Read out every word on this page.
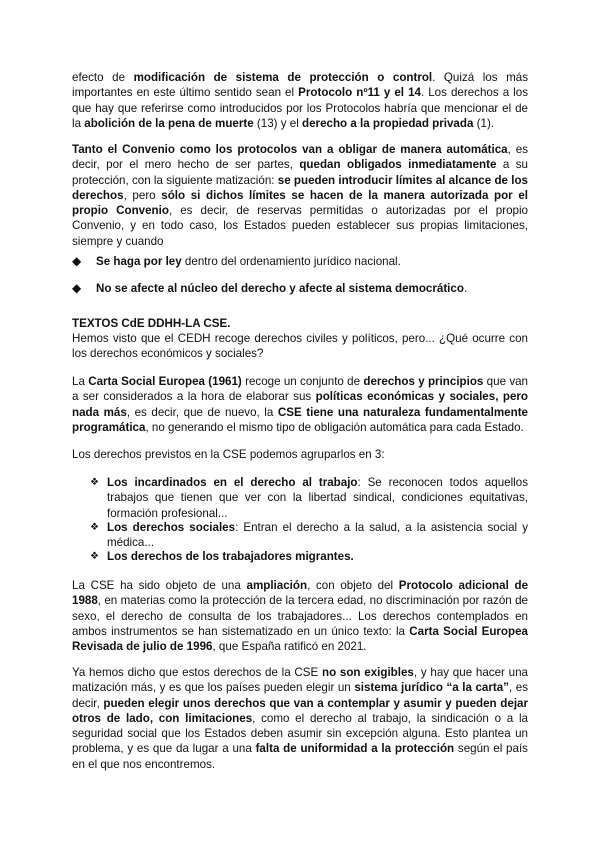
efecto de modificación de sistema de protección o control. Quizá los más importantes en este último sentido sean el Protocolo nº11 y el 14. Los derechos a los que hay que referirse como introducidos por los Protocolos habría que mencionar el de la abolición de la pena de muerte (13) y el derecho a la propiedad privada (1).

Tanto el Convenio como los protocolos van a obligar de manera automática, es decir, por el mero hecho de ser partes, quedan obligados inmediatamente a su protección, con la siguiente matización: se pueden introducir límites al alcance de los derechos, pero sólo si dichos límites se hacen de la manera autorizada por el propio Convenio, es decir, de reservas permitidas o autorizadas por el propio Convenio, y en todo caso, los Estados pueden establecer sus propias limitaciones, siempre y cuando

◆ Se haga por ley dentro del ordenamiento jurídico nacional.
◆ No se afecte al núcleo del derecho y afecte al sistema democrático.

TEXTOS CdE DDHH-LA CSE.

Hemos visto que el CEDH recoge derechos civiles y políticos, pero... ¿Qué ocurre con los derechos económicos y sociales?

La Carta Social Europea (1961) recoge un conjunto de derechos y principios que van a ser considerados a la hora de elaborar sus políticas económicas y sociales, pero nada más, es decir, que de nuevo, la CSE tiene una naturaleza fundamentalmente programática, no generando el mismo tipo de obligación automática para cada Estado.

Los derechos previstos en la CSE podemos agruparlos en 3:

❖ Los incardinados en el derecho al trabajo: Se reconocen todos aquellos trabajos que tienen que ver con la libertad sindical, condiciones equitativas, formación profesional...
❖ Los derechos sociales: Entran el derecho a la salud, a la asistencia social y médica...
❖ Los derechos de los trabajadores migrantes.

La CSE ha sido objeto de una ampliación, con objeto del Protocolo adicional de 1988, en materias como la protección de la tercera edad, no discriminación por razón de sexo, el derecho de consulta de los trabajadores... Los derechos contemplados en ambos instrumentos se han sistematizado en un único texto: la Carta Social Europea Revisada de julio de 1996, que España ratificó en 2021.

Ya hemos dicho que estos derechos de la CSE no son exigibles, y hay que hacer una matización más, y es que los países pueden elegir un sistema jurídico “a la carta”, es decir, pueden elegir unos derechos que van a contemplar y asumir y pueden dejar otros de lado, con limitaciones, como el derecho al trabajo, la sindicación o a la seguridad social que los Estados deben asumir sin excepción alguna. Esto plantea un problema, y es que da lugar a una falta de uniformidad a la protección según el país en el que nos encontremos.
